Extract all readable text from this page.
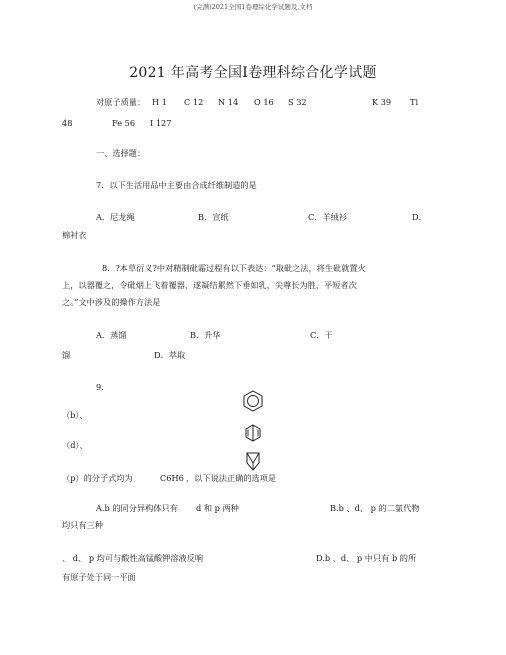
(完满)2021全国1卷理综化学试题及,文档
2021 年高考全国Ⅰ卷理科综合化学试题
对原子质量： H 1 C 12 N 14 O 16 S 32	K 39 Ti
48	Fe 56 I 127
一、选择题：
7．以下生活用品中主要由合成纤维制造的是
A．尼龙绳	B．宣纸	C．羊绒衫	D．
棉衬衣
8．?本草衍义?中对精制砒霜过程有以下表达：“取砒之法，将生砒就置火
上，以器覆之，令砒烟上飞着覆器，遂凝结累然下垂如乳，尖尊长为胜，平短者次
之。”文中涉及的操作方法是
A．蒸馏	B．升华	C．干
馏	D．萃取
9．
（b）、
（d）、
（p）的分子式均为	C6H6 ，以下说法正确的选项是
A.b 的同分异构体只有 d 和 p 两种	B.b 、d、 p 的二氯代物
均只有三种
、 d、 p 均可与酸性高锰酸钾溶液反响	D.b 、d、 p 中只有 b 的所
有原子处于同一平面
